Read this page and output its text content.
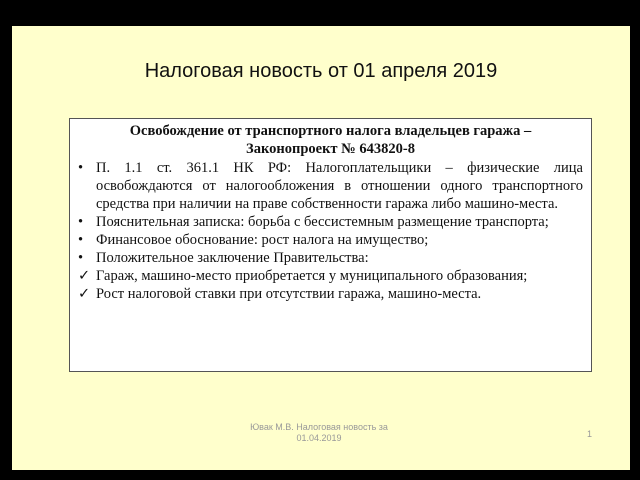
Налоговая новость от 01 апреля 2019
Освобождение от транспортного налога владельцев гаража –
Законопроект № 643820-8
• П. 1.1 ст. 361.1 НК РФ: Налогоплательщики – физические лица освобождаются от налогообложения в отношении одного транспортного средства при наличии на праве собственности гаража либо машино-места.
• Пояснительная записка: борьба с бессистемным размещение транспорта;
• Финансовое обоснование: рост налога на имущество;
• Положительное заключение Правительства:
✓ Гараж, машино-место приобретается у муниципального образования;
✓ Рост налоговой ставки при отсутствии гаража, машино-места.
Ювак М.В. Налоговая новость за
01.04.2019	1
